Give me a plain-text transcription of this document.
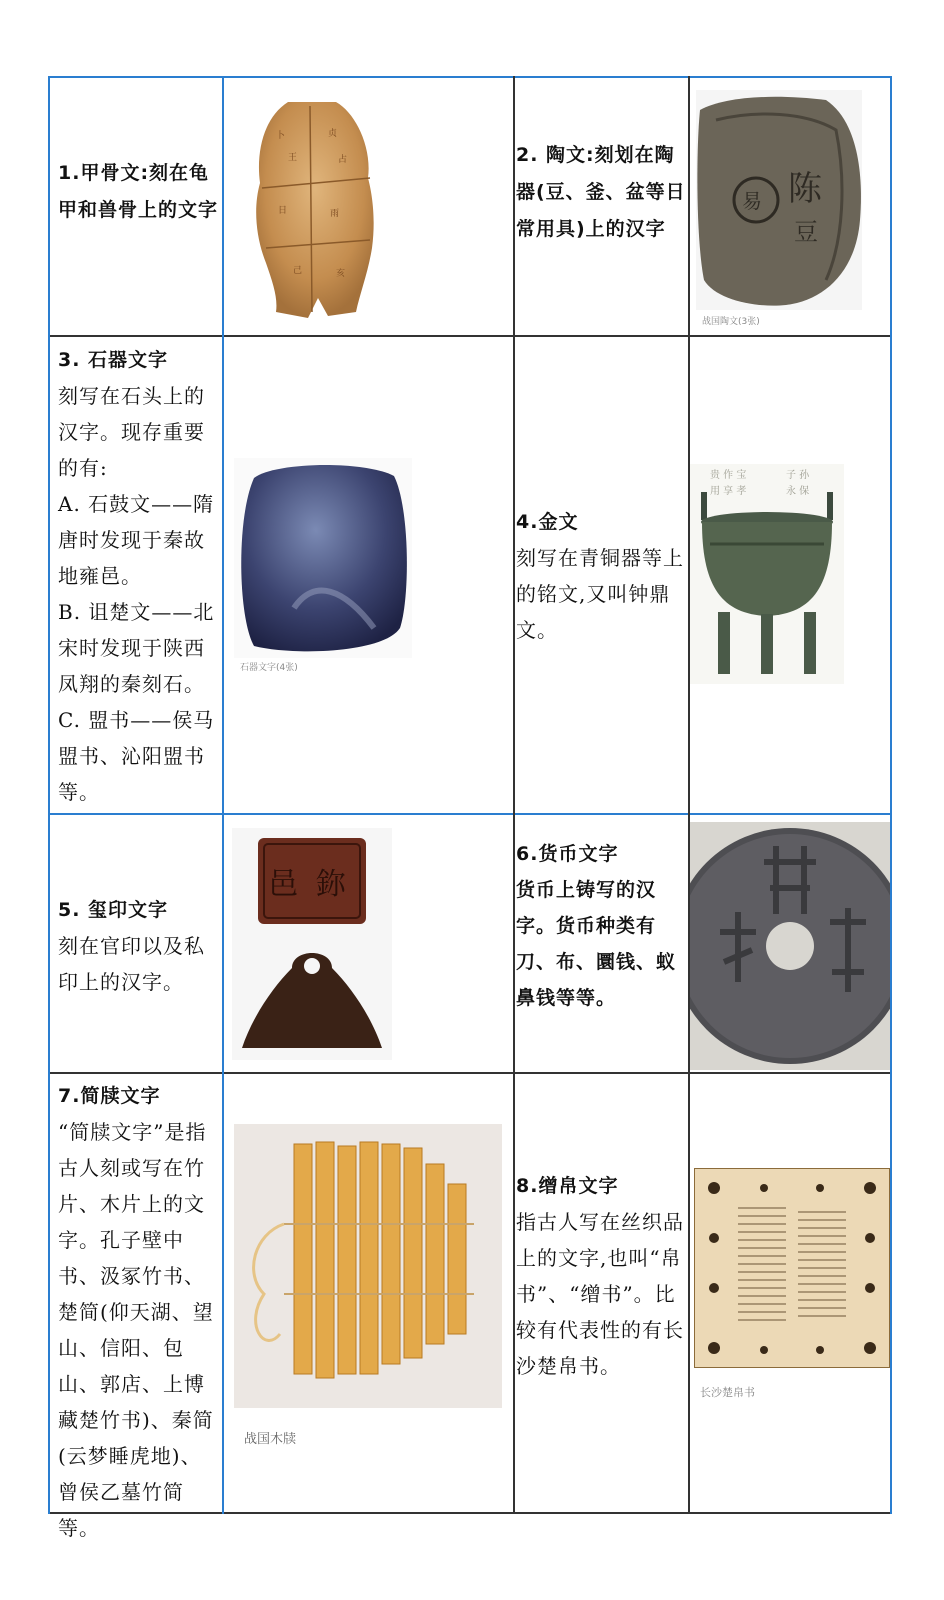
1.甲骨文:刻在龟甲和兽骨上的文字
卜	贞
王	占
日	雨
己	亥
2. 陶文:刻划在陶器(豆、釜、盆等日常用具)上的汉字
易 陈
豆
战国陶文(3张)
3. 石器文字
刻写在石头上的汉字。现存重要的有:
A. 石鼓文——隋唐时发现于秦故地雍邑。
B. 诅楚文——北宋时发现于陕西凤翔的秦刻石。
C. 盟书——侯马盟书、沁阳盟书等。
石器文字(4张)
4.金文
刻写在青铜器等上的铭文,又叫钟鼎文。
贵 作 宝
用 享 孝
子 孙
永 保
5. 玺印文字
刻在官印以及私印上的汉字。
邑 鉨
6.货币文字
货币上铸写的汉字。货币种类有刀、布、圜钱、蚁鼻钱等等。
7.简牍文字
“简牍文字”是指古人刻或写在竹片、木片上的文字。孔子壁中书、汲冢竹书、楚简(仰天湖、望山、信阳、包山、郭店、上博藏楚竹书)、秦简(云梦睡虎地)、曾侯乙墓竹简等。
战国木牍
8.缯帛文字
指古人写在丝织品上的文字,也叫“帛书”、“缯书”。比较有代表性的有长沙楚帛书。
长沙楚帛书
